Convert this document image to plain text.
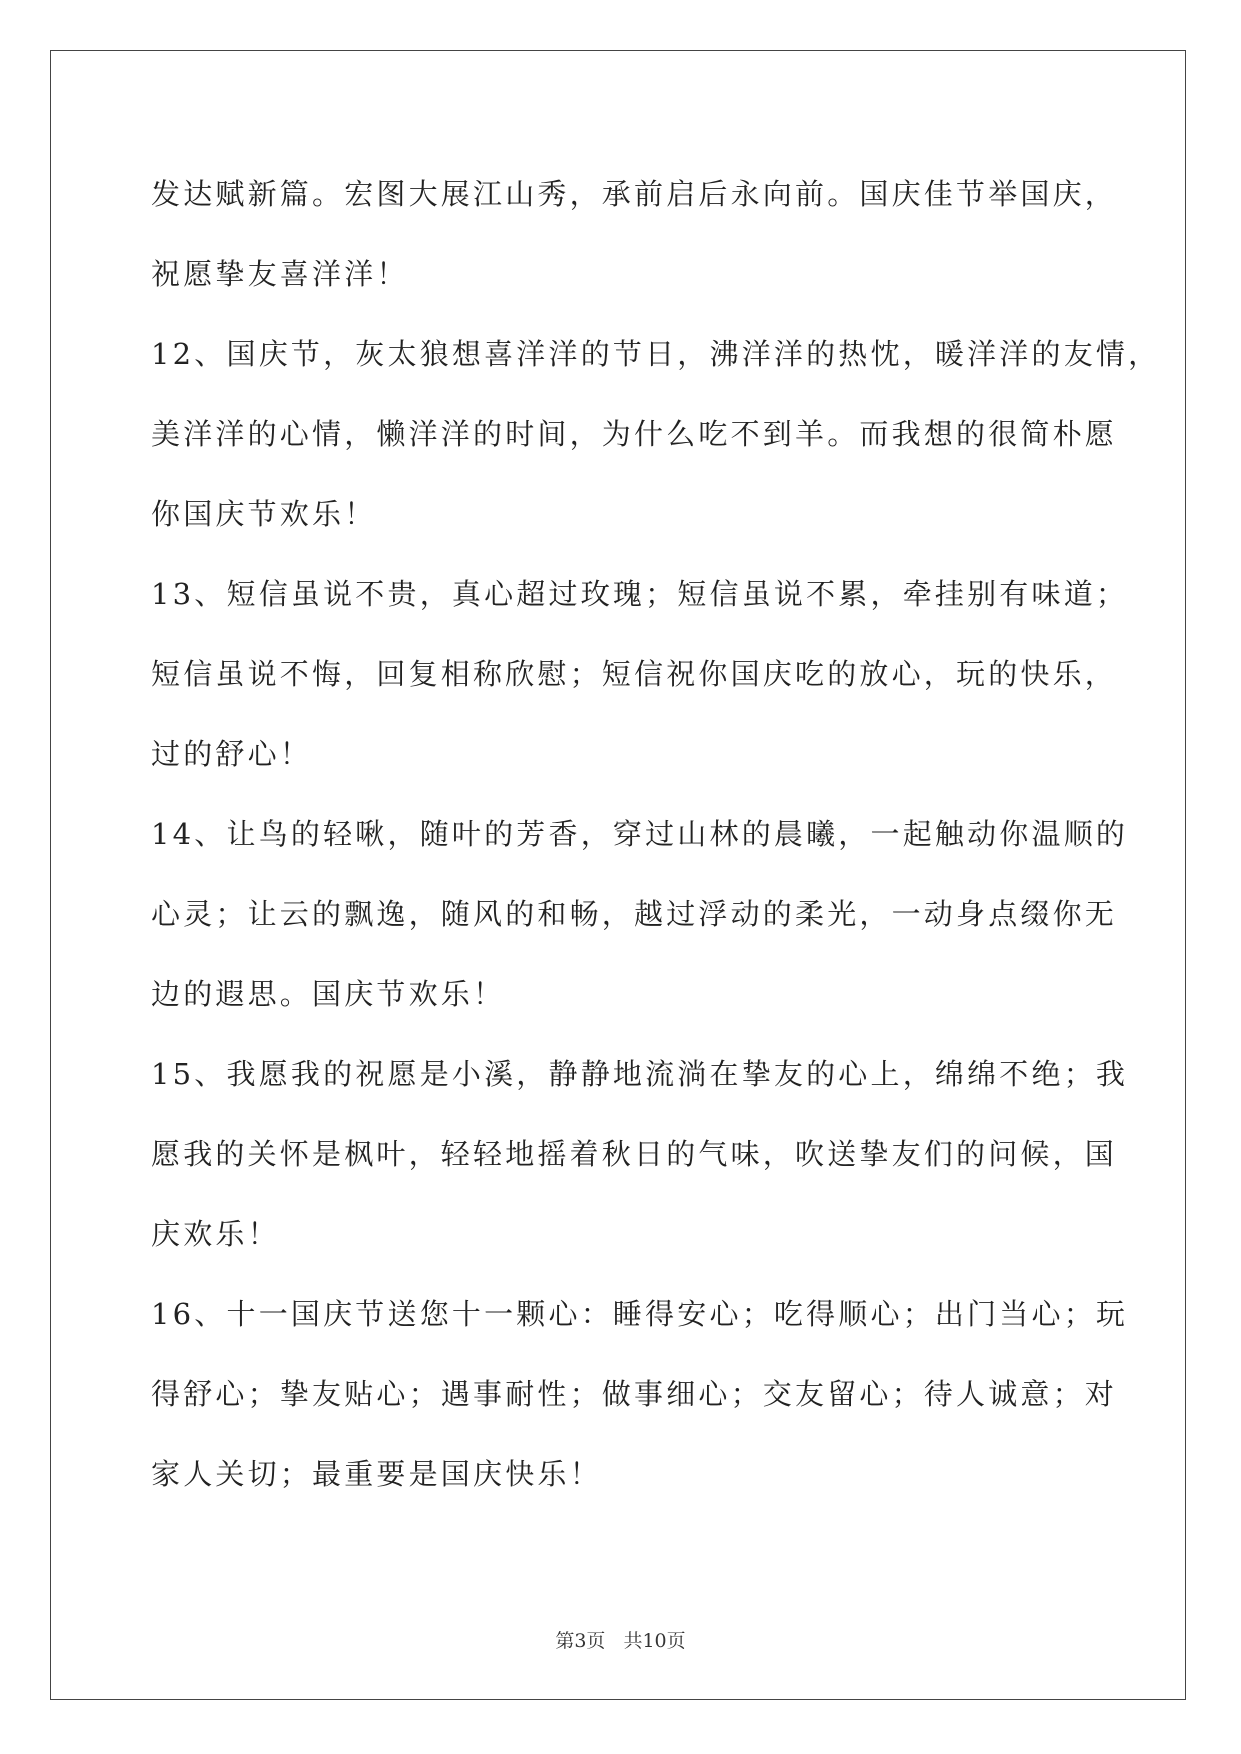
发达赋新篇。宏图大展江山秀，承前启后永向前。国庆佳节举国庆，
祝愿挚友喜洋洋！
12、国庆节，灰太狼想喜洋洋的节日，沸洋洋的热忱，暖洋洋的友情，
美洋洋的心情，懒洋洋的时间，为什么吃不到羊。而我想的很简朴愿
你国庆节欢乐！
13、短信虽说不贵，真心超过玫瑰；短信虽说不累，牵挂别有味道；
短信虽说不悔，回复相称欣慰；短信祝你国庆吃的放心，玩的快乐，
过的舒心！
14、让鸟的轻啾，随叶的芳香，穿过山林的晨曦，一起触动你温顺的
心灵；让云的飘逸，随风的和畅，越过浮动的柔光，一动身点缀你无
边的遐思。国庆节欢乐！
15、我愿我的祝愿是小溪，静静地流淌在挚友的心上，绵绵不绝；我
愿我的关怀是枫叶，轻轻地摇着秋日的气味，吹送挚友们的问候，国
庆欢乐！
16、十一国庆节送您十一颗心：睡得安心；吃得顺心；出门当心；玩
得舒心；挚友贴心；遇事耐性；做事细心；交友留心；待人诚意；对
家人关切；最重要是国庆快乐！
第3页 共10页
